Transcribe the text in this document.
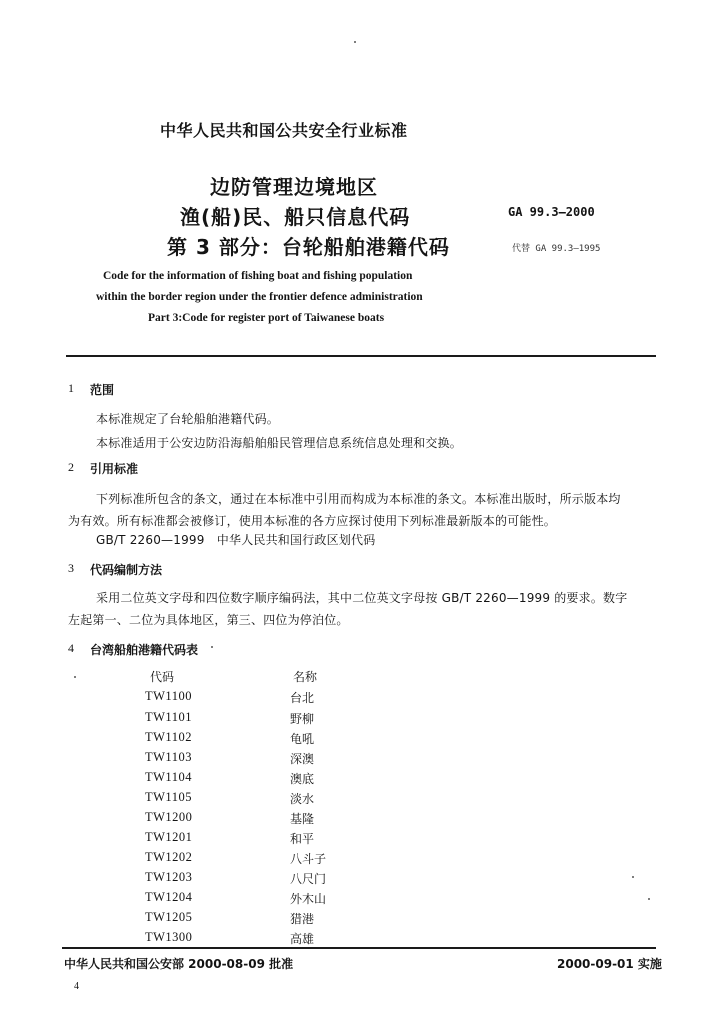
中华人民共和国公共安全行业标准
边防管理边境地区
渔(船)民、船只信息代码
第 3 部分：台轮船舶港籍代码
GA 99.3—2000
代替 GA 99.3—1995
Code for the information of fishing boat and fishing population
within the border region under the frontier defence administration
Part 3:Code for register port of Taiwanese boats
1 范围
本标准规定了台轮船舶港籍代码。
本标准适用于公安边防沿海船舶船民管理信息系统信息处理和交换。
2 引用标准
下列标准所包含的条文，通过在本标准中引用而构成为本标准的条文。本标准出版时，所示版本均
为有效。所有标准都会被修订，使用本标准的各方应探讨使用下列标准最新版本的可能性。
GB/T 2260—1999　中华人民共和国行政区划代码
3 代码编制方法
采用二位英文字母和四位数字顺序编码法，其中二位英文字母按 GB/T 2260—1999 的要求。数字
左起第一、二位为具体地区，第三、四位为停泊位。
4 台湾船舶港籍代码表
代码	名称
TW1100	台北
TW1101	野柳
TW1102	龟吼
TW1103	深澳
TW1104	澳底
TW1105	淡水
TW1200	基隆
TW1201	和平
TW1202	八斗子
TW1203	八尺门
TW1204	外木山
TW1205	猎港
TW1300	高雄
中华人民共和国公安部 2000-08-09 批准	2000-09-01 实施
4
